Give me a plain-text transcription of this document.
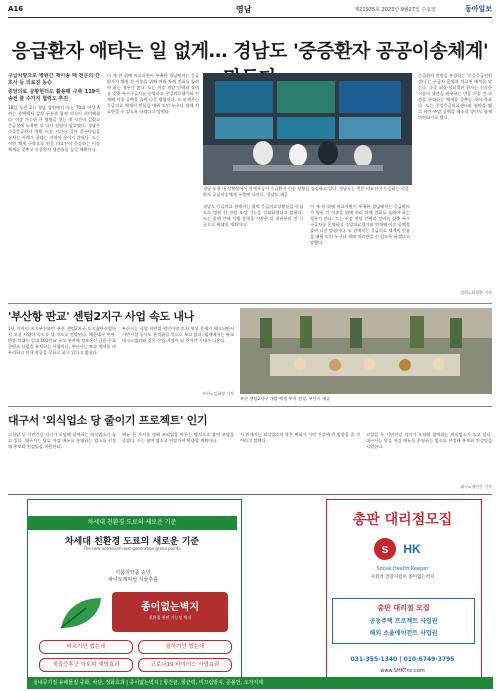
A16	영남	제21935호 2023년 9월27일 수요일	동아일보
응급환자 애타는 일 없게… 경남도 '중증환자 공공이송체계'

구급차량으로 병원간 재이송 때 전문의·간호사 등 의료진 동승

중앙의료 공항헌터도 활용해 구축 119이송전 즐 수가지 협력도 추진

18일 오전 2시 경남 창원에서 사는 70대 여성 A 씨는 자택에서 갑작 두통과 함께 의식이 희미해졌다. 이송 가능한 큰 병원을 찾는 데 시간이 걸렸고 응급실에 도착한 뒤 다시 전원이 필요했다. 경남은 중증응급환자 전원 이송 시간이 길어 골든타임을 놓치는 사례가 잦다는 지적이 끊이지 않았다. 도는 이번 체계 구축으로 전문 의료진이 동승하는 이송 체계를 갖추고 중증환자 생존율을 높일 계획이다.

이 제 관 위에 의료자원이 부족한 경남에서는 응급환자가 병원 간 이송을 위해 여러 차례 전화를 돌려야 하는 경우가 많다. 도는 이송 전담 인력과 장비를 갖춘 특수구급차를 운영하고 중앙의료헬기와 연계해 이송 공백을 줄여 나갈 방침이다. 도 관계자는 응급의료 체계의 빈틈을 메워 도민 누구나 제때 치료받을 수 있도록 하겠다고 말했다.

경남 도청 내 상황실에서 관계자들이 응급환자 이송 상황을 점검하고 있다. 경남도는 전문 의료진이 동승하는 중증환자 공공이송체계 구축에 나선다. 경남도 제공

경남도 응급의료 관계자는 광역 응급의료상황실을 중심으로 병원 간 전원 조정 기능을 강화하겠다고 밝혔다. 도는 올해 안에 시범 운영을 시작한 뒤 내년부터 전 시군으로 확대할 계획이다.

이 제 관 위에 의료자원이 부족한 경남에서는 응급환자가 병원 간 이송을 위해 여러 차례 전화를 돌려야 하는 경우가 많다. 도는 이송 전담 인력과 장비를 갖춘 특수구급차를 운영하고 중앙의료헬기와 연계해 이송 공백을 줄여 나갈 방침이다. 도 관계자는 응급의료 체계의 빈틈을 메워 도민 누구나 제때 치료받을 수 있도록 하겠다고 말했다.

중증환자 전원을 총괄하는 '중증응급전원센터'는 구급차 운영과 의료진 배치를 맡는다. 중증 외상·심뇌혈관 환자는 신속한 이송이 생존을 좌우하는 만큼 이송 전 과정을 관리하는 체계를 갖추는 것이 목표다. 도는 중앙응급의료센터와 협약을 맺고 야간·주말 공백을 해소할 방안도 함께 마련하기로 했다.

창원=최창환 기자
'부산항 판교' 센텀2지구 사업 속도 내나

1년 가까이 지지부진하던 부산 센텀2지구 도시첨단산업단지 조성 사업이 속도를 낼 것으로 전망된다. 해운대구 반여·반송·석대동 일대 191만㎡ 규모 부지에 정보통신·금융·문화콘텐츠 산업을 유치하는 사업이다. 부산시는 보상 절차를 마무리하고 연내 착공을 목표로 하고 있다고 밝혔다.

부산시는 사업 지연의 원인이던 토지 보상 문제가 해소되면서 기반시설 공사도 본격화될 것으로 보고 있다. 업계에서는 판교 테크노밸리와 같은 산업 거점이 될 것이란 기대가 나온다.

부산=김화영 기자
부산 센텀2지구 개발 예정 부지 전경. 부산시 제공
대구서 '외식업소 당 줄이기 프로젝트' 인기

고혈압 등 시민건강 지키기 포털에 참여하는 외식업소가 늘고 있다. 대구시는 당류 저감 메뉴를 운영하는 업소를 선정해 홍보와 컨설팅을 지원한다.

메뉴 한 가지를 정해 조리법을 바꾸는 방식으로 참여 부담을 줄였다. 시는 참여 업소를 연말까지 확대할 계획이다.

시 관계자는 외식업소의 작은 변화가 시민 건강에 큰 영향을 줄 것이라고 말했다.

고혈압 등 시민건강 지키기 포털에 참여하는 외식업소가 늘고 있다. 대구시는 당류 저감 메뉴를 운영하는 업소를 선정해 홍보와 컨설팅을 지원한다.

대구=명민준 기자
차세대 친환경 도료의 새로운 기준
차세대 친환경 도료의 새로운 기준
The new normal of next-generation green paints
식품의약품 승인
파이토케미컬 식물추출
종이없는벽지
친환경 천연 기능성 벽지
바르기만 했는데	칠하기만 했는데
새집증후군 아토피 예방효과	코로나19 바이러스 사멸효과
총판 대리점모집
S HK
Social Health Keeper
사회적 건강지킴이 종이없는벽지
총판 대리점 모집
공동주택 프로젝트 사업권
해외 소울에이전트 사업권
031-355-1340 | 010-6749-3795
www.SHKTnc.com
실내공기질 유해물질 중화, 차단, 정화효과 | 종이없는벽지 | 항진균, 항균력, 미끄럼방지, 준불연, 오가지제
